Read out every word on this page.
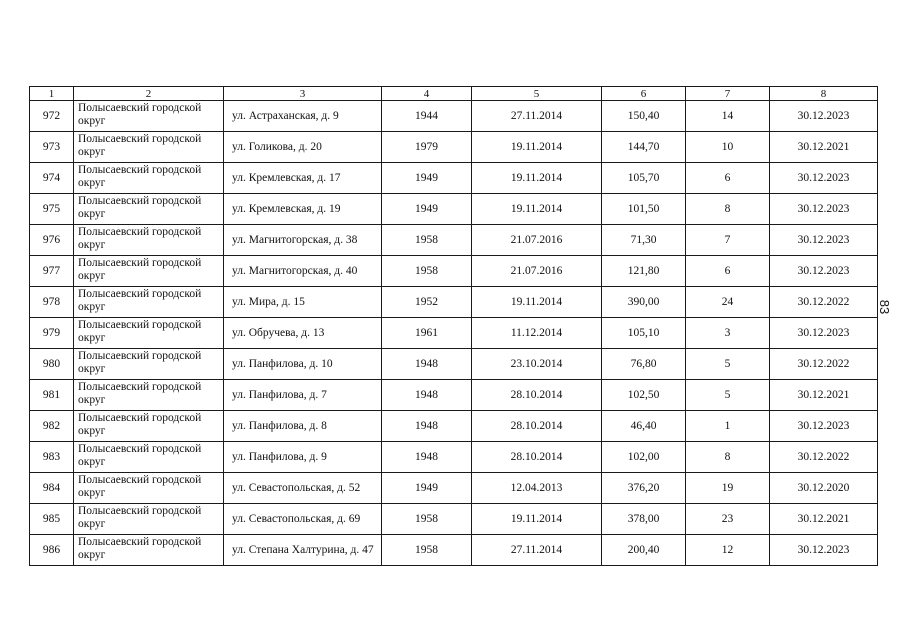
1	2	3	4	5	6	7	8
972	Полысаевский городской округ	ул. Астраханская, д. 9	1944	27.11.2014	150,40	14	30.12.2023
973	Полысаевский городской округ	ул. Голикова, д. 20	1979	19.11.2014	144,70	10	30.12.2021
974	Полысаевский городской округ	ул. Кремлевская, д. 17	1949	19.11.2014	105,70	6	30.12.2023
975	Полысаевский городской округ	ул. Кремлевская, д. 19	1949	19.11.2014	101,50	8	30.12.2023
976	Полысаевский городской округ	ул. Магнитогорская, д. 38	1958	21.07.2016	71,30	7	30.12.2023
977	Полысаевский городской округ	ул. Магнитогорская, д. 40	1958	21.07.2016	121,80	6	30.12.2023
978	Полысаевский городской округ	ул. Мира, д. 15	1952	19.11.2014	390,00	24	30.12.2022
979	Полысаевский городской округ	ул. Обручева, д. 13	1961	11.12.2014	105,10	3	30.12.2023
980	Полысаевский городской округ	ул. Панфилова, д. 10	1948	23.10.2014	76,80	5	30.12.2022
981	Полысаевский городской округ	ул. Панфилова, д. 7	1948	28.10.2014	102,50	5	30.12.2021
982	Полысаевский городской округ	ул. Панфилова, д. 8	1948	28.10.2014	46,40	1	30.12.2023
983	Полысаевский городской округ	ул. Панфилова, д. 9	1948	28.10.2014	102,00	8	30.12.2022
984	Полысаевский городской округ	ул. Севастопольская, д. 52	1949	12.04.2013	376,20	19	30.12.2020
985	Полысаевский городской округ	ул. Севастопольская, д. 69	1958	19.11.2014	378,00	23	30.12.2021
986	Полысаевский городской округ	ул. Степана Халтурина, д. 47	1958	27.11.2014	200,40	12	30.12.2023
83
